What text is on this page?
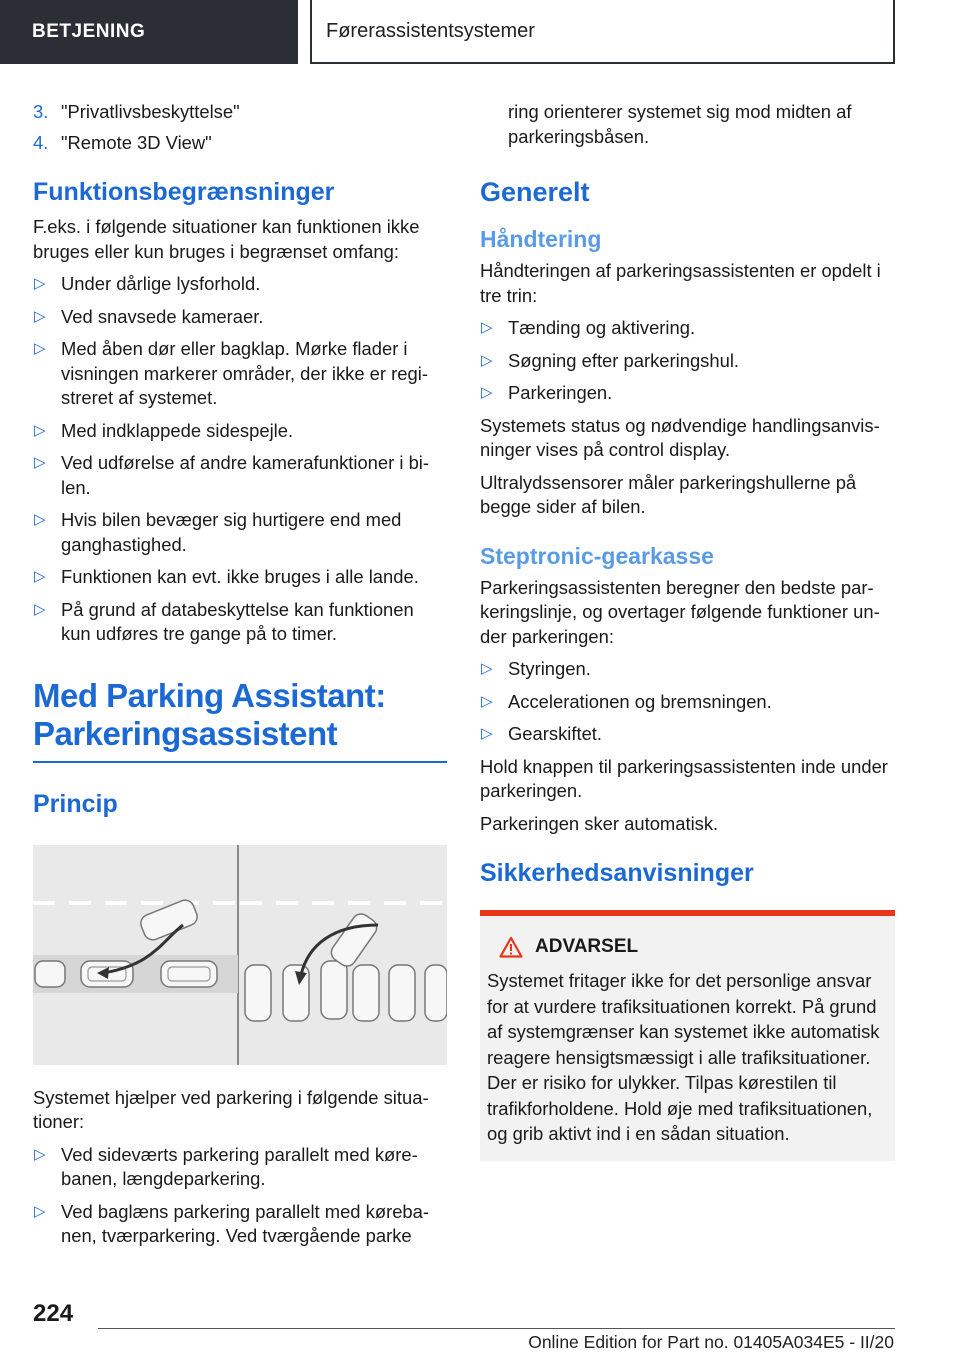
BETJENING	Førerassistentsystemer
3. "Privatlivsbeskyttelse"
4. "Remote 3D View"
Funktionsbegrænsninger

F.eks. i følgende situationer kan funktionen ikke bruges eller kun bruges i begrænset omfang:

▷ Under dårlige lysforhold.
▷ Ved snavsede kameraer.
▷ Med åben dør eller bagklap. Mørke flader i visningen markerer områder, der ikke er registreret af systemet.
▷ Med indklappede sidespejle.
▷ Ved udførelse af andre kamerafunktioner i bilen.
▷ Hvis bilen bevæger sig hurtigere end med ganghastighed.
▷ Funktionen kan evt. ikke bruges i alle lande.
▷ På grund af databeskyttelse kan funktionen kun udføres tre gange på to timer.
Med Parking Assistant: Parkeringsassistent
Princip

Systemet hjælper ved parkering i følgende situationer:

▷ Ved sideværts parkering parallelt med kørebanen, længdeparkering.
▷ Ved baglæns parkering parallelt med kørebanen, tværparkering. Ved tværgående parke

ring orienterer systemet sig mod midten af parkeringsbåsen.

Generelt
Håndtering

Håndteringen af parkeringsassistenten er opdelt i tre trin:

▷ Tænding og aktivering.
▷ Søgning efter parkeringshul.
▷ Parkeringen.

Systemets status og nødvendige handlingsanvisninger vises på control display.

Ultralydssensorer måler parkeringshullerne på begge sider af bilen.

Steptronic-gearkasse

Parkeringsassistenten beregner den bedste parkeringslinje, og overtager følgende funktioner under parkeringen:

▷ Styringen.
▷ Accelerationen og bremsningen.
▷ Gearskiftet.

Hold knappen til parkeringsassistenten inde under parkeringen.

Parkeringen sker automatisk.

Sikkerhedsanvisninger
ADVARSEL

Systemet fritager ikke for det personlige ansvar for at vurdere trafiksituationen korrekt. På grund af systemgrænser kan systemet ikke automatisk reagere hensigtsmæssigt i alle trafiksituationer. Der er risiko for ulykker. Tilpas kørestilen til trafikforholdene. Hold øje med trafiksituationen, og grib aktivt ind i en sådan situation.

224
Online Edition for Part no. 01405A034E5 - II/20
